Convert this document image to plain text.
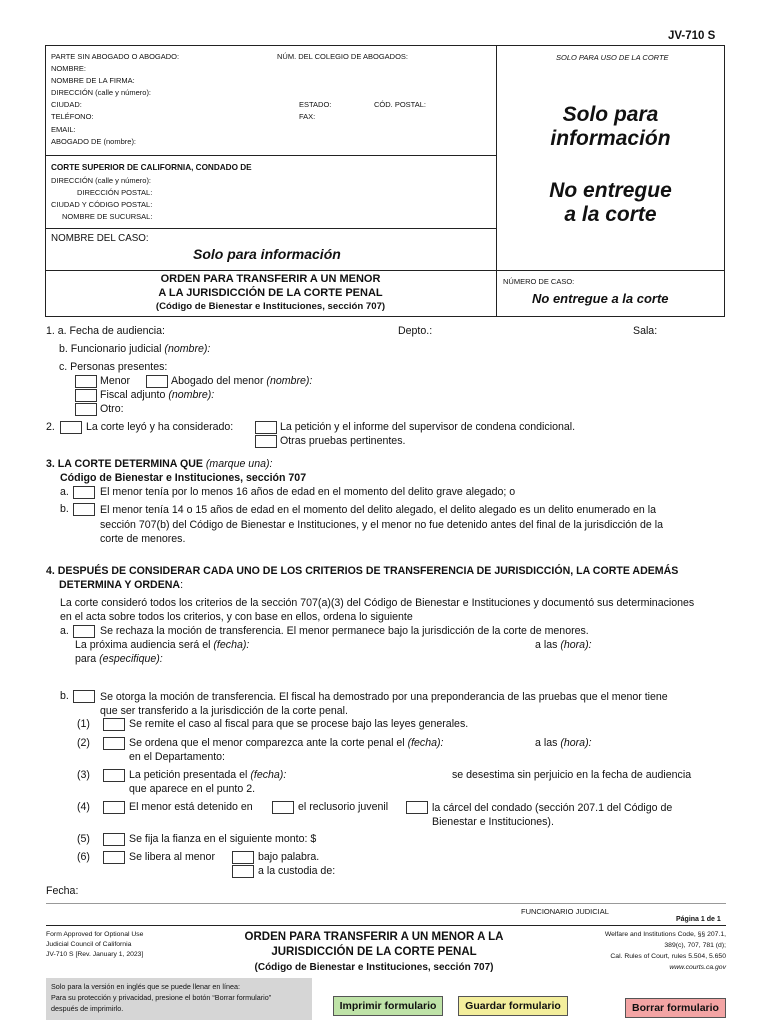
JV-710 S
PARTE SIN ABOGADO O ABOGADO:	NÚM. DEL COLEGIO DE ABOGADOS:	SOLO PARA USO DE LA CORTE
NOMBRE:
NOMBRE DE LA FIRMA:
DIRECCIÓN (calle y número):
CIUDAD:	ESTADO:	CÓD. POSTAL:
TELÉFONO:	FAX:
EMAIL:
ABOGADO DE (nombre):
CORTE SUPERIOR DE CALIFORNIA, CONDADO DE
DIRECCIÓN (calle y número):
DIRECCIÓN POSTAL:
CIUDAD Y CÓDIGO POSTAL:
NOMBRE DE SUCURSAL:
NOMBRE DEL CASO:
Solo para información
Solo para
información
No entregue
a la corte
ORDEN PARA TRANSFERIR A UN MENOR
A LA JURISDICCIÓN DE LA CORTE PENAL
(Código de Bienestar e Instituciones, sección 707)
NÚMERO DE CASO:
No entregue a la corte
1. a. Fecha de audiencia:	Depto.:	Sala:
b. Funcionario judicial (nombre):
c. Personas presentes:
Menor	Abogado del menor (nombre):
Fiscal adjunto (nombre):
Otro:
2.	La corte leyó y ha considerado:	La petición y el informe del supervisor de condena condicional.
Otras pruebas pertinentes.
3. LA CORTE DETERMINA QUE (marque una):
Código de Bienestar e Instituciones, sección 707
a.	El menor tenía por lo menos 16 años de edad en el momento del delito grave alegado; o
b.	El menor tenía 14 o 15 años de edad en el momento del delito alegado, el delito alegado es un delito enumerado en la
sección 707(b) del Código de Bienestar e Instituciones, y el menor no fue detenido antes del final de la jurisdicción de la
corte de menores.
4. DESPUÉS DE CONSIDERAR CADA UNO DE LOS CRITERIOS DE TRANSFERENCIA DE JURISDICCIÓN, LA CORTE ADEMÁS
DETERMINA Y ORDENA:
La corte consideró todos los criterios de la sección 707(a)(3) del Código de Bienestar e Instituciones y documentó sus determinaciones
en el acta sobre todos los criterios, y con base en ellos, ordena lo siguiente
a.	Se rechaza la moción de transferencia. El menor permanece bajo la jurisdicción de la corte de menores.
La próxima audiencia será el (fecha):	a las (hora):
para (especifique):
b.	Se otorga la moción de transferencia. El fiscal ha demostrado por una preponderancia de las pruebas que el menor tiene
que ser transferido a la jurisdicción de la corte penal.
(1)	Se remite el caso al fiscal para que se procese bajo las leyes generales.
(2)	Se ordena que el menor comparezca ante la corte penal el (fecha):	a las (hora):
en el Departamento:
(3)	La petición presentada el (fecha):	se desestima sin perjuicio en la fecha de audiencia
que aparece en el punto 2.
(4)	El menor está detenido en	el reclusorio juvenil	la cárcel del condado (sección 207.1 del Código de
Bienestar e Instituciones).
(5)	Se fija la fianza en el siguiente monto: $
(6)	Se libera al menor	bajo palabra.
a la custodia de:
Fecha:
FUNCIONARIO JUDICIAL
Página 1 de 1
Form Approved for Optional Use
Judicial Council of California
JV-710 S [Rev. January 1, 2023]
ORDEN PARA TRANSFERIR A UN MENOR A LA
JURISDICCIÓN DE LA CORTE PENAL
(Código de Bienestar e Instituciones, sección 707)
Welfare and Institutions Code, §§ 207.1,
389(c), 707, 781 (d);
Cal. Rules of Court, rules 5.504, 5.650
www.courts.ca.gov
Solo para la versión en inglés que se puede llenar en línea:
Para su protección y privacidad, presione el botón “Borrar formulario”
después de imprimirlo.	Imprimir formulario	Guardar formulario	Borrar formulario
